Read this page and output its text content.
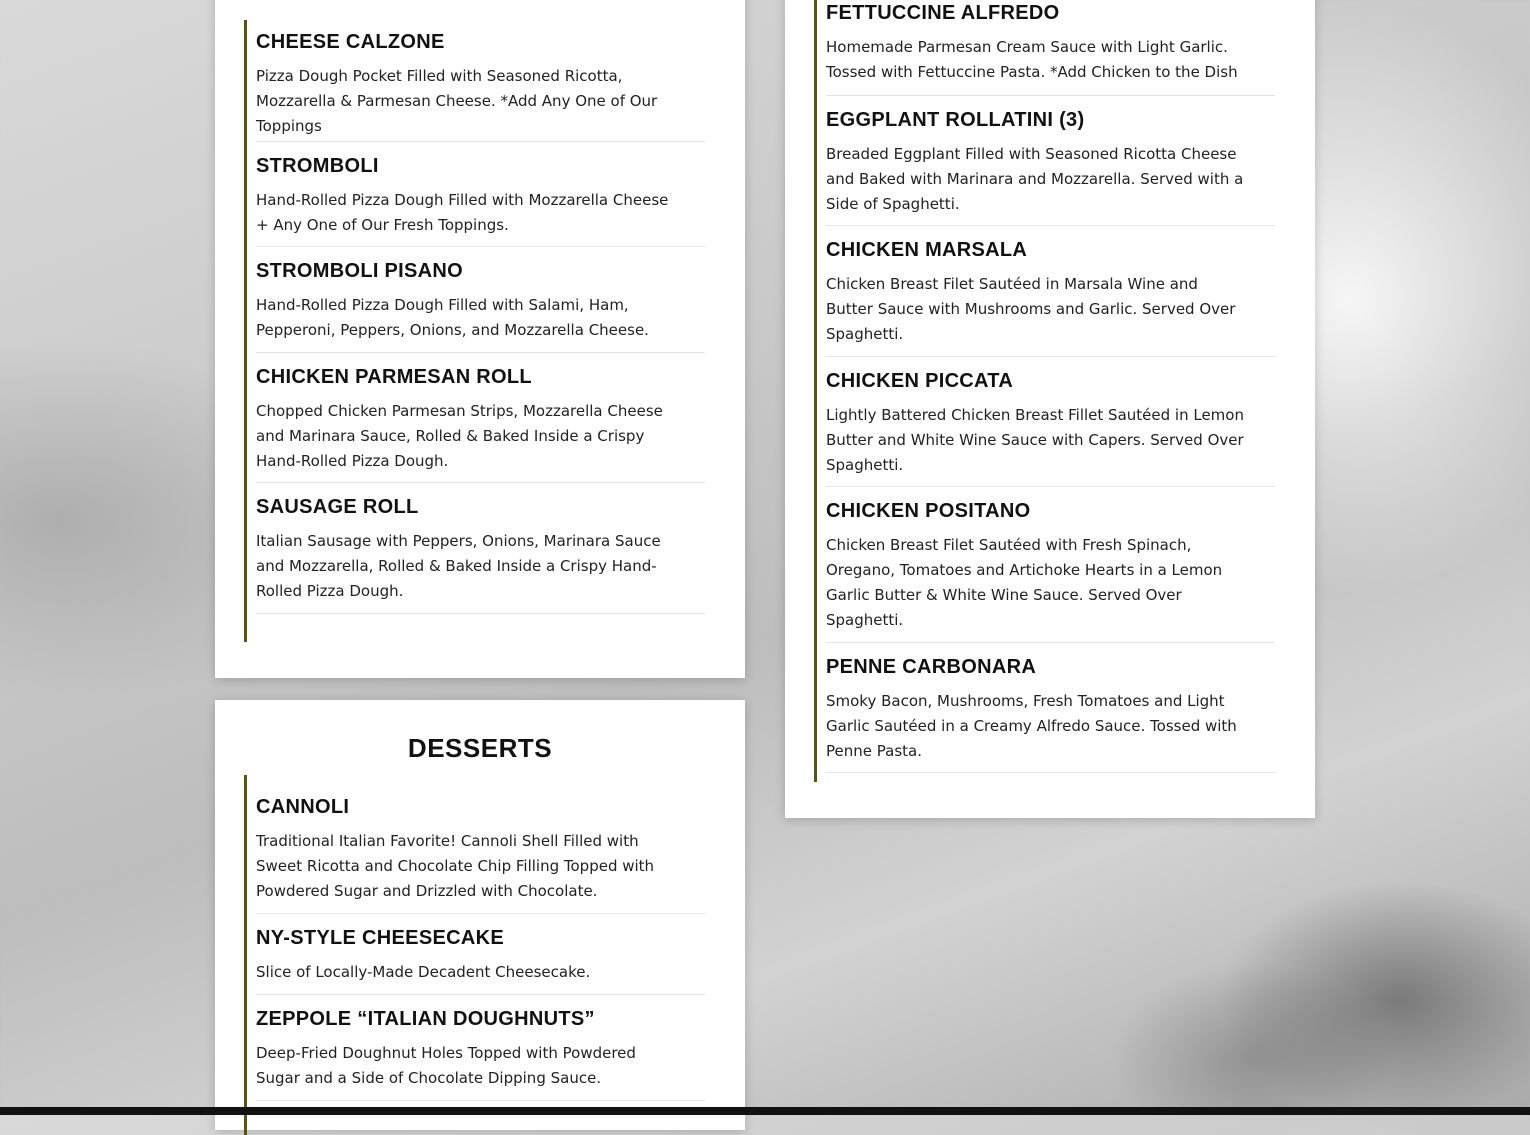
CHEESE CALZONE
Pizza Dough Pocket Filled with Seasoned Ricotta, Mozzarella & Parmesan Cheese. *Add Any One of Our Toppings
STROMBOLI
Hand-Rolled Pizza Dough Filled with Mozzarella Cheese + Any One of Our Fresh Toppings.
STROMBOLI PISANO
Hand-Rolled Pizza Dough Filled with Salami, Ham, Pepperoni, Peppers, Onions, and Mozzarella Cheese.
CHICKEN PARMESAN ROLL
Chopped Chicken Parmesan Strips, Mozzarella Cheese and Marinara Sauce, Rolled & Baked Inside a Crispy Hand-Rolled Pizza Dough.
SAUSAGE ROLL
Italian Sausage with Peppers, Onions, Marinara Sauce and Mozzarella, Rolled & Baked Inside a Crispy Hand-Rolled Pizza Dough.
DESSERTS
CANNOLI
Traditional Italian Favorite! Cannoli Shell Filled with Sweet Ricotta and Chocolate Chip Filling Topped with Powdered Sugar and Drizzled with Chocolate.
NY-STYLE CHEESECAKE
Slice of Locally-Made Decadent Cheesecake.
ZEPPOLE “ITALIAN DOUGHNUTS”
Deep-Fried Doughnut Holes Topped with Powdered Sugar and a Side of Chocolate Dipping Sauce.
FETTUCCINE ALFREDO
Homemade Parmesan Cream Sauce with Light Garlic. Tossed with Fettuccine Pasta. *Add Chicken to the Dish
EGGPLANT ROLLATINI (3)
Breaded Eggplant Filled with Seasoned Ricotta Cheese and Baked with Marinara and Mozzarella. Served with a Side of Spaghetti.
CHICKEN MARSALA
Chicken Breast Filet Sautéed in Marsala Wine and Butter Sauce with Mushrooms and Garlic. Served Over Spaghetti.
CHICKEN PICCATA
Lightly Battered Chicken Breast Fillet Sautéed in Lemon Butter and White Wine Sauce with Capers. Served Over Spaghetti.
CHICKEN POSITANO
Chicken Breast Filet Sautéed with Fresh Spinach, Oregano, Tomatoes and Artichoke Hearts in a Lemon Garlic Butter & White Wine Sauce. Served Over Spaghetti.
PENNE CARBONARA
Smoky Bacon, Mushrooms, Fresh Tomatoes and Light Garlic Sautéed in a Creamy Alfredo Sauce. Tossed with Penne Pasta.
